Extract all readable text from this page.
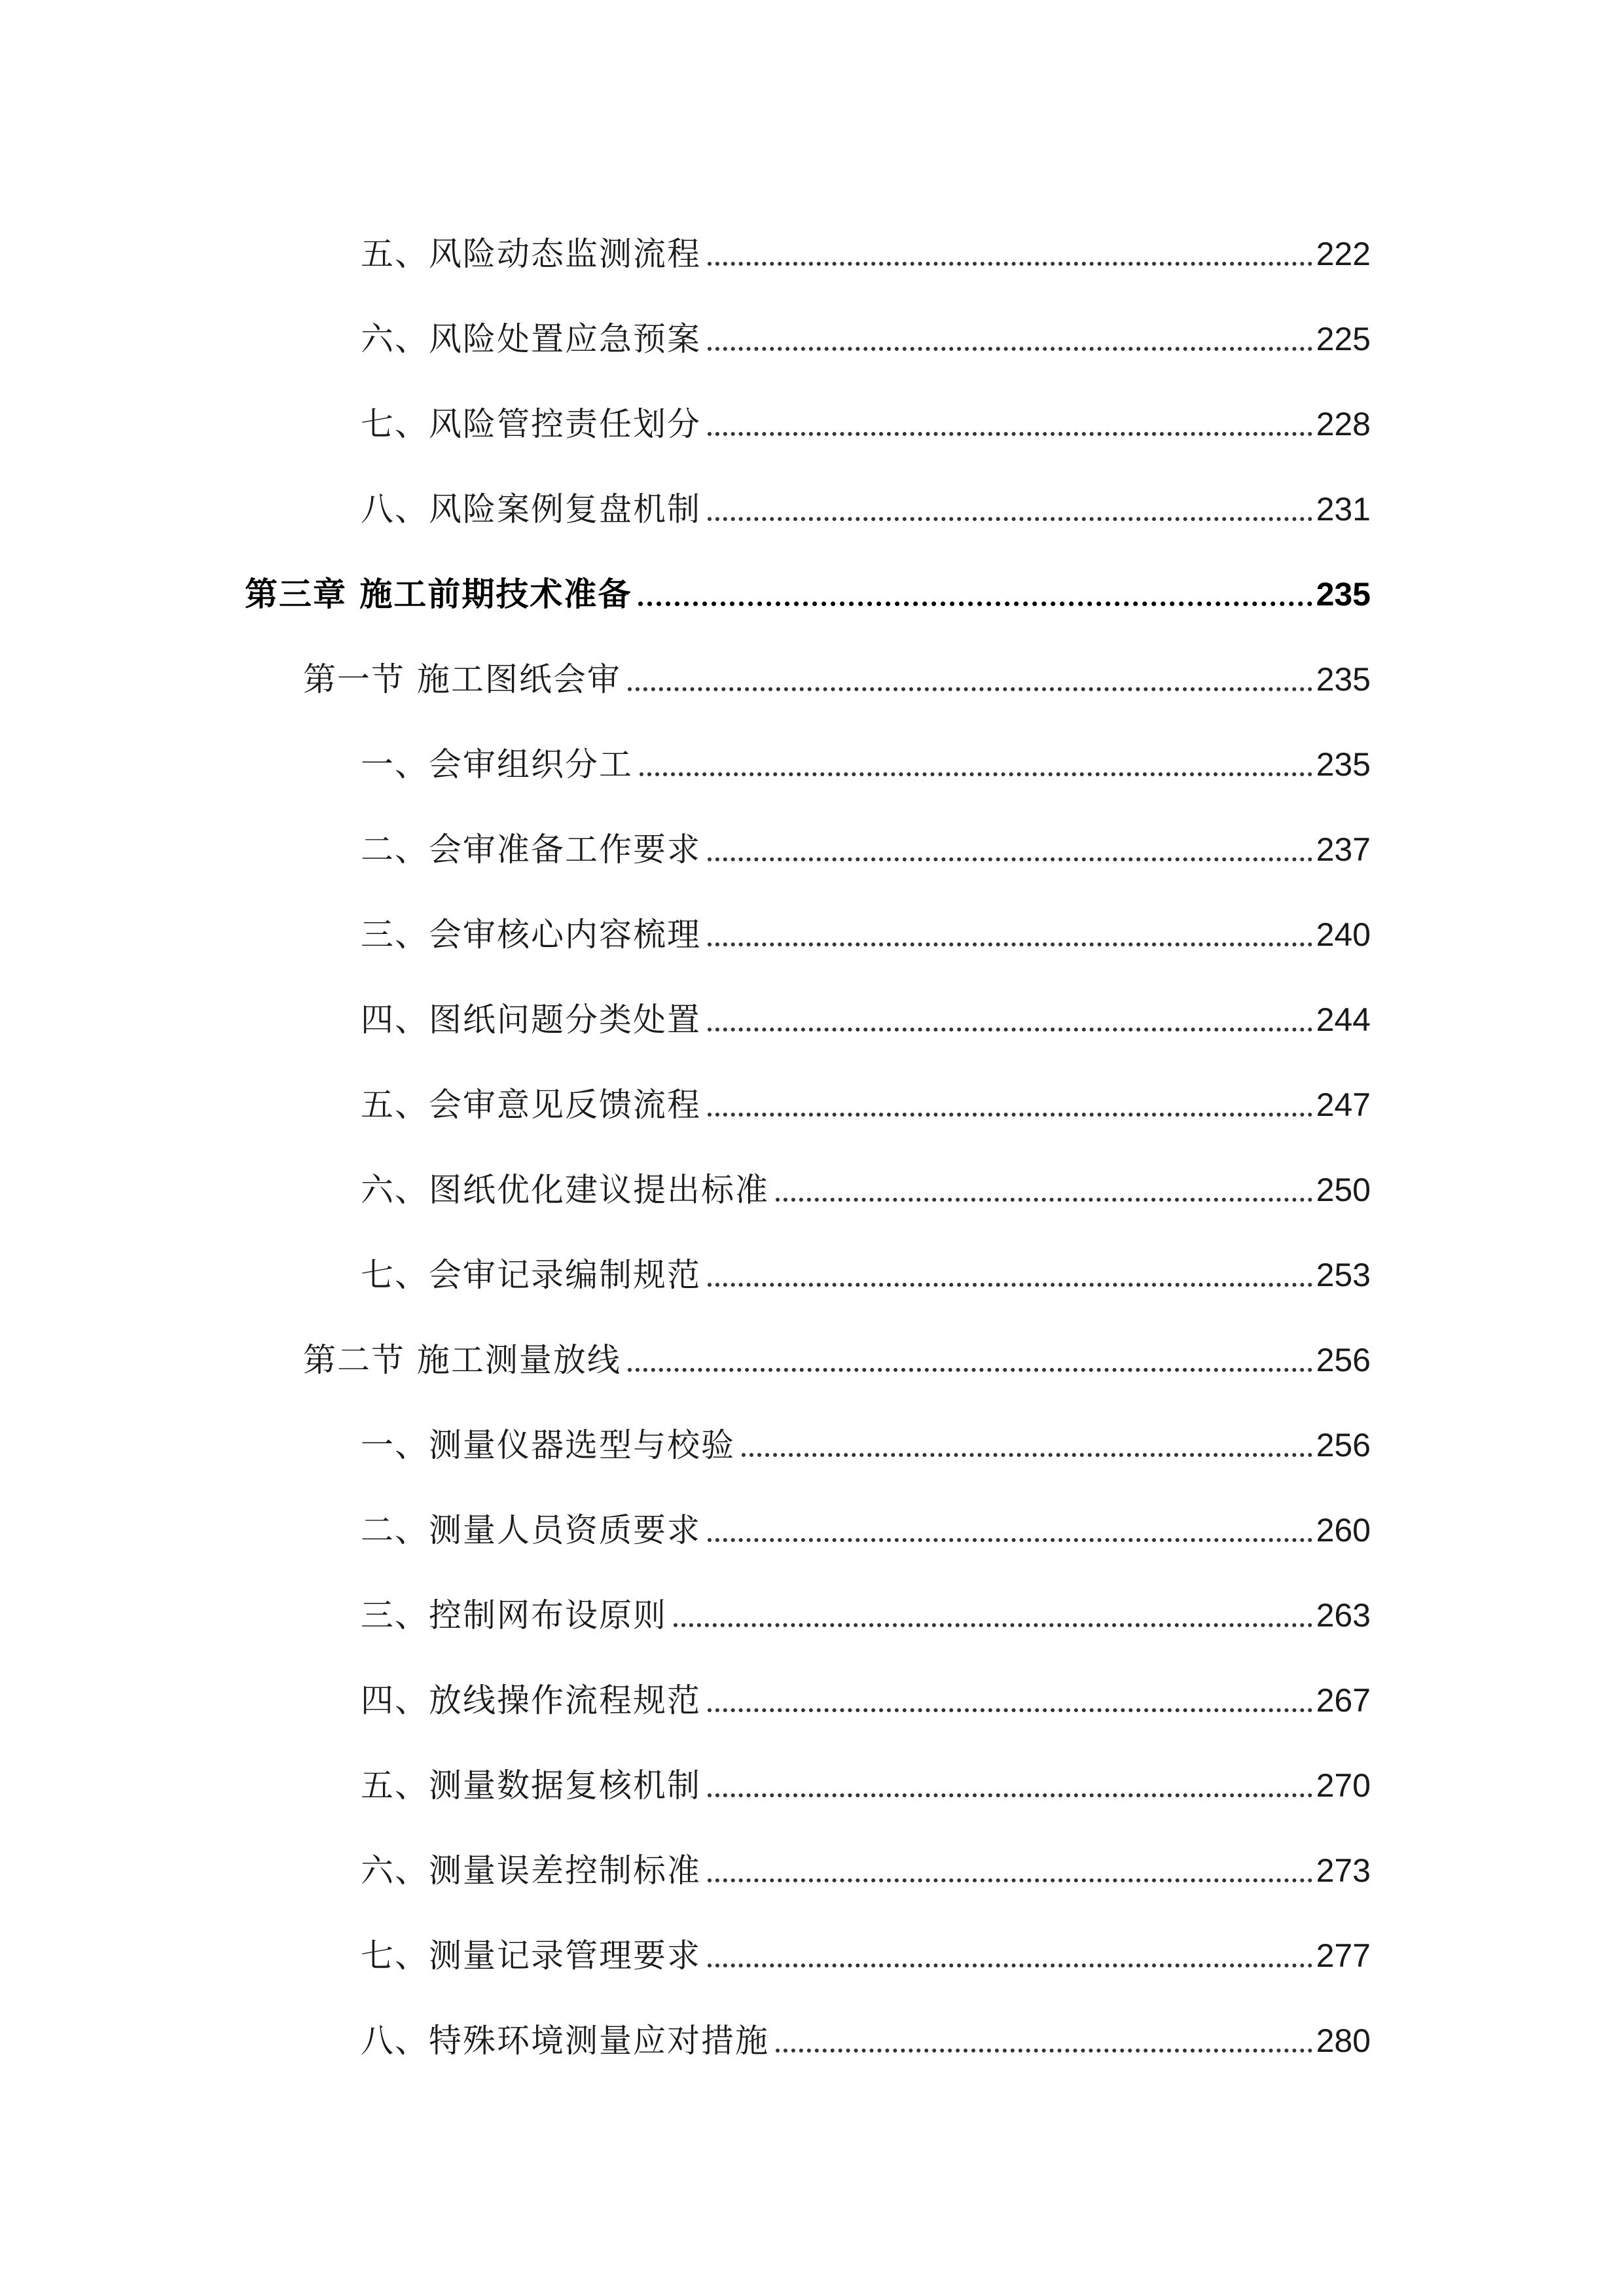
五、风险动态监测流程	222
六、风险处置应急预案	225
七、风险管控责任划分	228
八、风险案例复盘机制	231
第三章 施工前期技术准备	235
第一节 施工图纸会审	235
一、会审组织分工	235
二、会审准备工作要求	237
三、会审核心内容梳理	240
四、图纸问题分类处置	244
五、会审意见反馈流程	247
六、图纸优化建议提出标准	250
七、会审记录编制规范	253
第二节 施工测量放线	256
一、测量仪器选型与校验	256
二、测量人员资质要求	260
三、控制网布设原则	263
四、放线操作流程规范	267
五、测量数据复核机制	270
六、测量误差控制标准	273
七、测量记录管理要求	277
八、特殊环境测量应对措施	280
